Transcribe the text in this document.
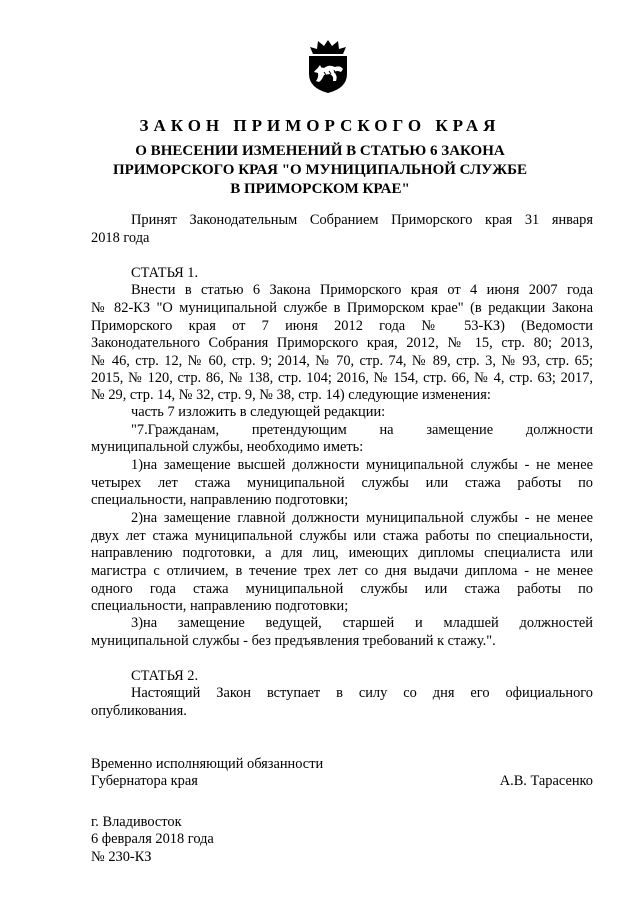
ЗАКОН ПРИМОРСКОГО КРАЯ
О ВНЕСЕНИИ ИЗМЕНЕНИЙ В СТАТЬЮ 6 ЗАКОНА
ПРИМОРСКОГО КРАЯ "О МУНИЦИПАЛЬНОЙ СЛУЖБЕ
В ПРИМОРСКОМ КРАЕ"
Принят Законодательным Собранием Приморского края 31 января
2018 года
СТАТЬЯ 1.
Внести в статью 6 Закона Приморского края от 4 июня 2007 года
№ 82-КЗ "О муниципальной службе в Приморском крае" (в редакции Закона
Приморского края от 7 июня 2012 года № 53-КЗ) (Ведомости
Законодательного Собрания Приморского края, 2012, № 15, стр. 80; 2013,
№ 46, стр. 12, № 60, стр. 9; 2014, № 70, стр. 74, № 89, стр. 3, № 93, стр. 65;
2015, № 120, стр. 86, № 138, стр. 104; 2016, № 154, стр. 66, № 4, стр. 63; 2017,
№ 29, стр. 14, № 32, стр. 9, № 38, стр. 14) следующие изменения:
часть 7 изложить в следующей редакции:
"7.Гражданам, претендующим на замещение должности
муниципальной службы, необходимо иметь:
1)на замещение высшей должности муниципальной службы - не менее
четырех лет стажа муниципальной службы или стажа работы по
специальности, направлению подготовки;
2)на замещение главной должности муниципальной службы - не менее
двух лет стажа муниципальной службы или стажа работы по специальности,
направлению подготовки, а для лиц, имеющих дипломы специалиста или
магистра с отличием, в течение трех лет со дня выдачи диплома - не менее
одного года стажа муниципальной службы или стажа работы по
специальности, направлению подготовки;
3)на замещение ведущей, старшей и младшей должностей
муниципальной службы - без предъявления требований к стажу.".
СТАТЬЯ 2.
Настоящий Закон вступает в силу со дня его официального
опубликования.
Временно исполняющий обязанности
Губернатора края	А.В. Тарасенко
г. Владивосток
6 февраля 2018 года
№ 230-КЗ
